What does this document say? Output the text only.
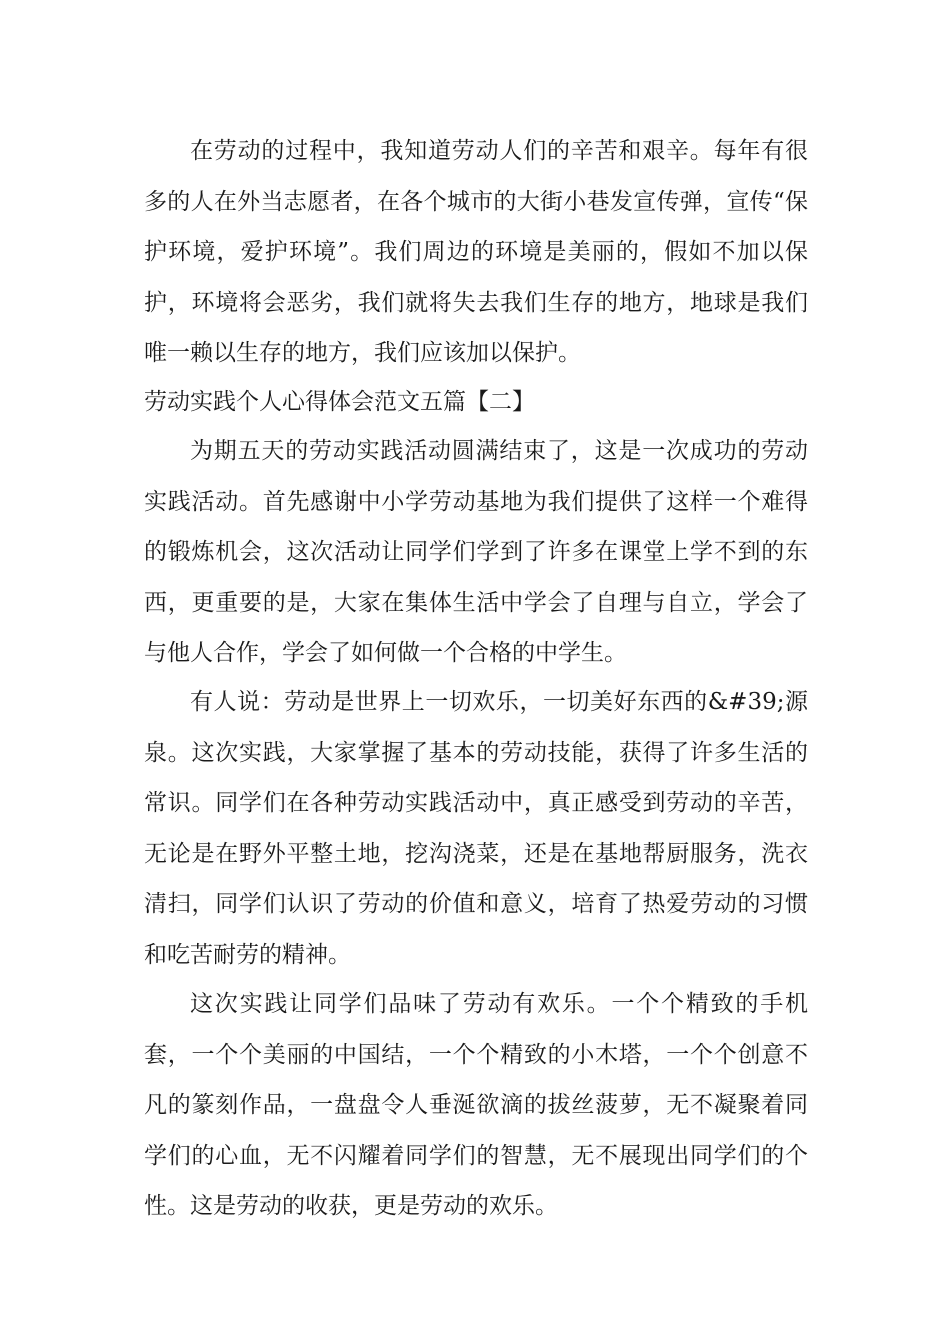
在劳动的过程中，我知道劳动人们的辛苦和艰辛。每年有很多的人在外当志愿者，在各个城市的大街小巷发宣传弹，宣传“保护环境，爱护环境”。我们周边的环境是美丽的，假如不加以保护，环境将会恶劣，我们就将失去我们生存的地方，地球是我们唯一赖以生存的地方，我们应该加以保护。

劳动实践个人心得体会范文五篇【二】

为期五天的劳动实践活动圆满结束了，这是一次成功的劳动实践活动。首先感谢中小学劳动基地为我们提供了这样一个难得的锻炼机会，这次活动让同学们学到了许多在课堂上学不到的东西，更重要的是，大家在集体生活中学会了自理与自立，学会了与他人合作，学会了如何做一个合格的中学生。

有人说：劳动是世界上一切欢乐，一切美好东西的&#39;源泉。这次实践，大家掌握了基本的劳动技能，获得了许多生活的常识。同学们在各种劳动实践活动中，真正感受到劳动的辛苦，无论是在野外平整土地，挖沟浇菜，还是在基地帮厨服务，洗衣清扫，同学们认识了劳动的价值和意义，培育了热爱劳动的习惯和吃苦耐劳的精神。

这次实践让同学们品味了劳动有欢乐。一个个精致的手机套，一个个美丽的中国结，一个个精致的小木塔，一个个创意不凡的篆刻作品，一盘盘令人垂涎欲滴的拔丝菠萝，无不凝聚着同学们的心血，无不闪耀着同学们的智慧，无不展现出同学们的个性。这是劳动的收获，更是劳动的欢乐。
